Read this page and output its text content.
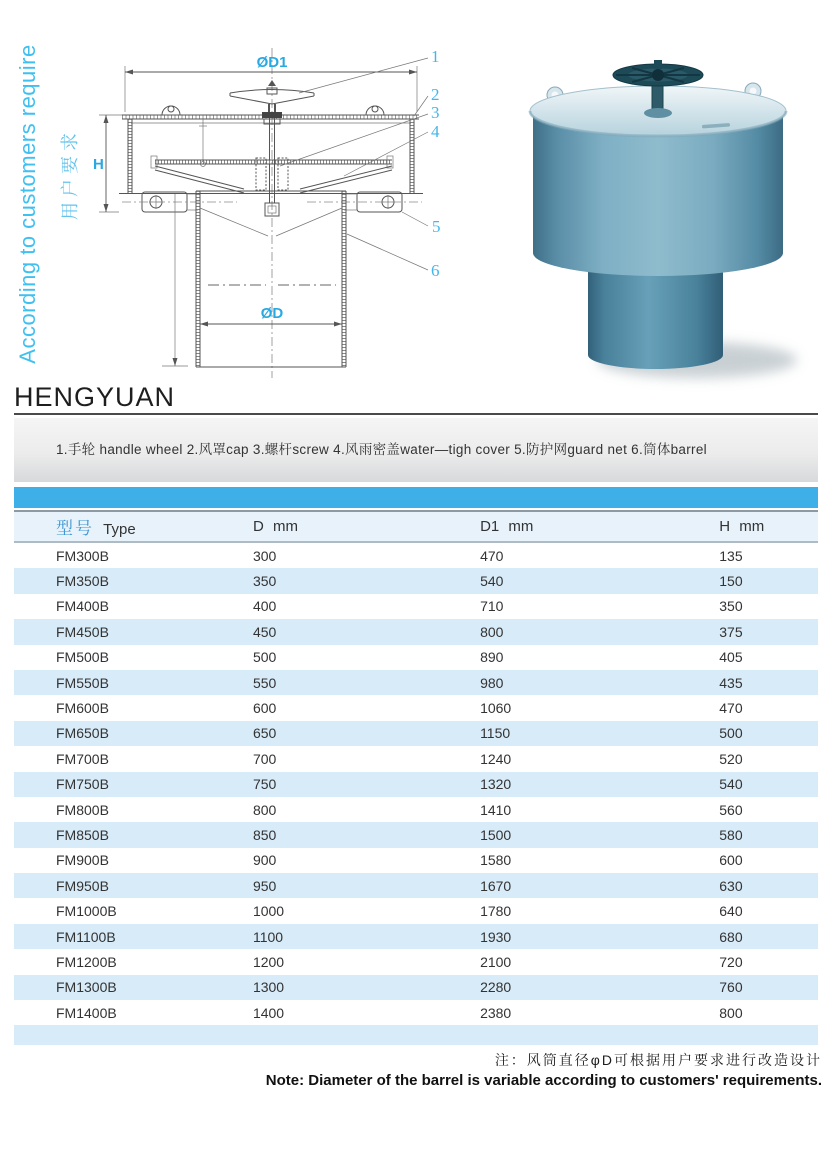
According to customers require	用户要求
ØD1
ØD
H
1
2
3
4
5
6
HENGYUAN
1.手轮 handle wheel 2.风罩cap 3.螺杆screw 4.风雨密盖water—tigh cover 5.防护网guard net 6.筒体barrel
型号 Type	D mm	D1 mm	H mm
FM300B	300	470	135
FM350B	350	540	150
FM400B	400	710	350
FM450B	450	800	375
FM500B	500	890	405
FM550B	550	980	435
FM600B	600	1060	470
FM650B	650	1150	500
FM700B	700	1240	520
FM750B	750	1320	540
FM800B	800	1410	560
FM850B	850	1500	580
FM900B	900	1580	600
FM950B	950	1670	630
FM1000B	1000	1780	640
FM1100B	1100	1930	680
FM1200B	1200	2100	720
FM1300B	1300	2280	760
FM1400B	1400	2380	800

注：风筒直径φD可根据用户要求进行改造设计
Note: Diameter of the barrel is variable according to customers' requirements.
